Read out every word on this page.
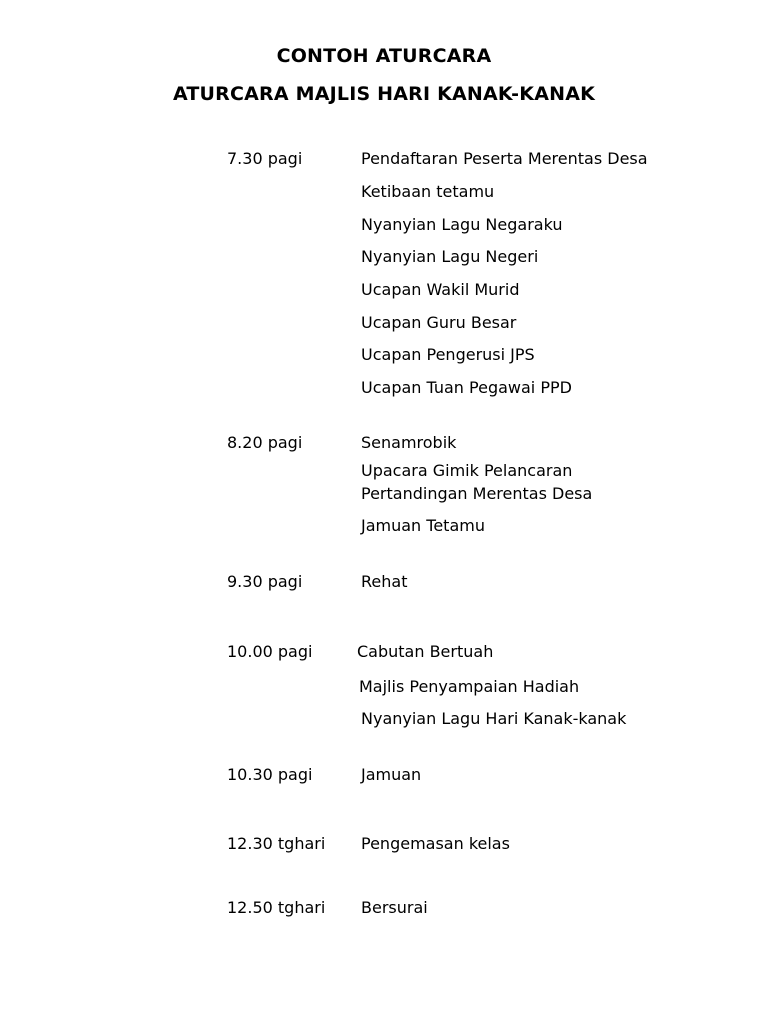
CONTOH ATURCARA
ATURCARA MAJLIS HARI KANAK-KANAK
7.30 pagi	Pendaftaran Peserta Merentas Desa
Ketibaan tetamu
Nyanyian Lagu Negaraku
Nyanyian Lagu Negeri
Ucapan Wakil Murid
Ucapan Guru Besar
Ucapan Pengerusi JPS
Ucapan Tuan Pegawai PPD
8.20 pagi	Senamrobik
Upacara Gimik Pelancaran
Pertandingan Merentas Desa
Jamuan Tetamu
9.30 pagi	Rehat
10.00 pagi	Cabutan Bertuah
Majlis Penyampaian Hadiah
Nyanyian Lagu Hari Kanak-kanak
10.30 pagi	Jamuan
12.30 tghari Pengemasan kelas
12.50 tghari Bersurai
